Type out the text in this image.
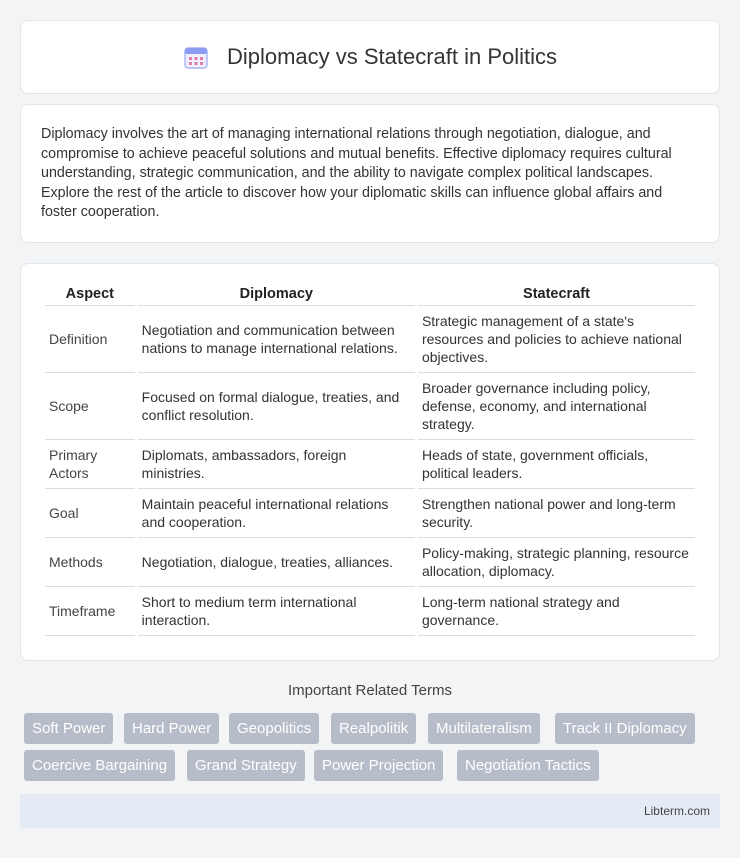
Diplomacy vs Statecraft in Politics

Diplomacy involves the art of managing international relations through negotiation, dialogue, and compromise to achieve peaceful solutions and mutual benefits. Effective diplomacy requires cultural understanding, strategic communication, and the ability to navigate complex political landscapes. Explore the rest of the article to discover how your diplomatic skills can influence global affairs and foster cooperation.

Aspect	Diplomacy	Statecraft
Definition	Negotiation and communication between nations to manage international relations.	Strategic management of a state's resources and policies to achieve national objectives.
Scope	Focused on formal dialogue, treaties, and conflict resolution.	Broader governance including policy, defense, economy, and international strategy.
Primary Actors	Diplomats, ambassadors, foreign ministries.	Heads of state, government officials, political leaders.
Goal	Maintain peaceful international relations and cooperation.	Strengthen national power and long-term security.
Methods	Negotiation, dialogue, treaties, alliances.	Policy-making, strategic planning, resource allocation, diplomacy.
Timeframe	Short to medium term international interaction.	Long-term national strategy and governance.
Important Related Terms
Soft Power	Hard Power	Geopolitics	Realpolitik	Multilateralism	Track II Diplomacy
Coercive Bargaining	Grand Strategy	Power Projection	Negotiation Tactics
Libterm.com
